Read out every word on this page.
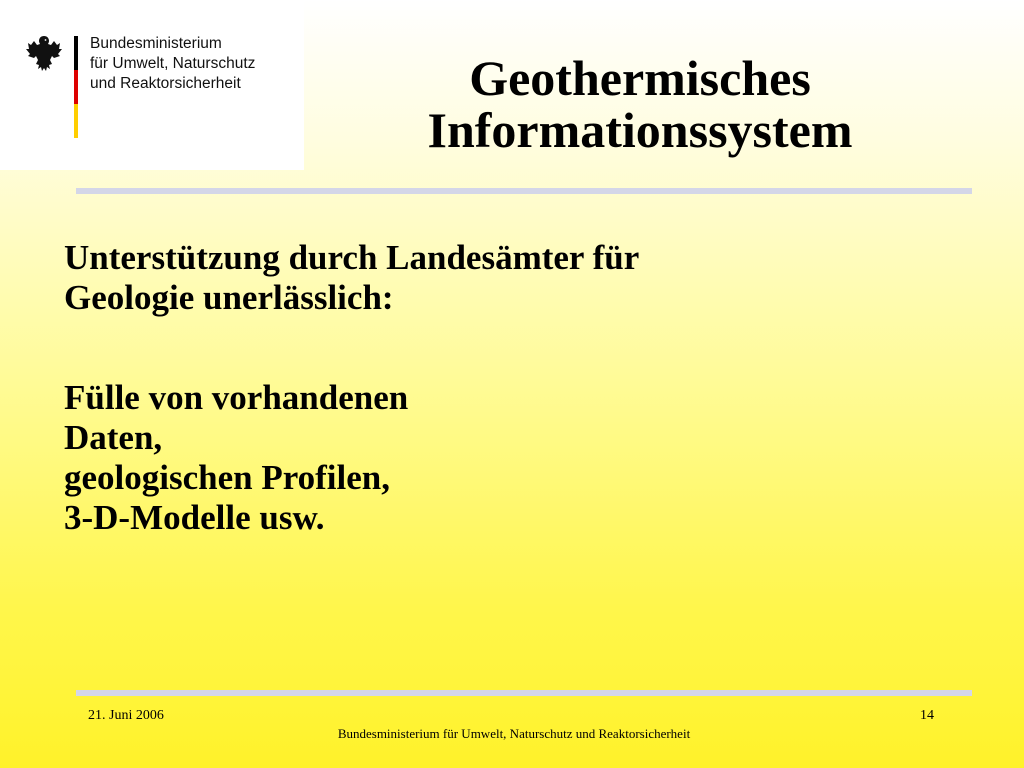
Bundesministerium
für Umwelt, Naturschutz
und Reaktorsicherheit	Geothermisches
Informationssystem
Unterstützung durch Landesämter für
Geologie unerlässlich:
Fülle von vorhandenen
Daten,
geologischen Profilen,
3-D-Modelle usw.
21. Juni 2006
Bundesministerium für Umwelt, Naturschutz und Reaktorsicherheit
14
